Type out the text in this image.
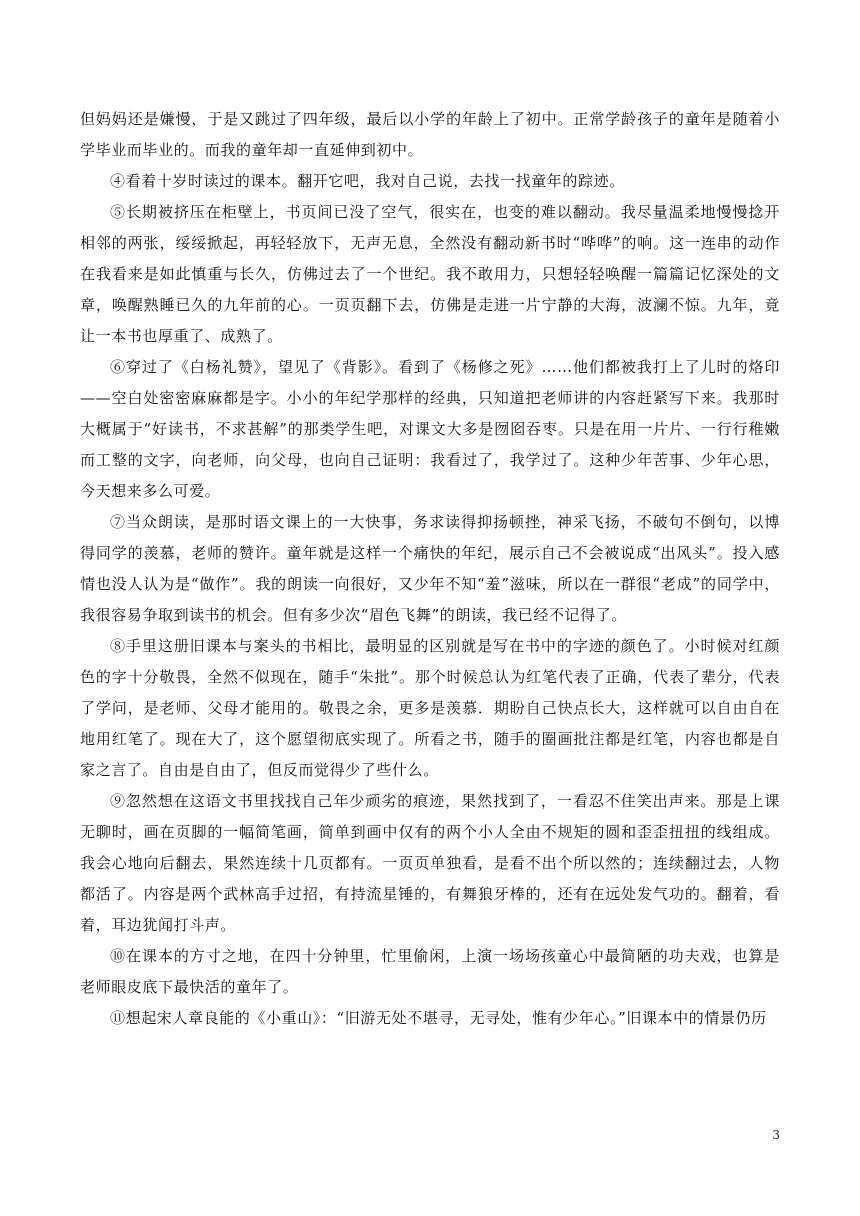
但妈妈还是嫌慢，于是又跳过了四年级，最后以小学的年龄上了初中。正常学龄孩子的童年是随着小学毕业而毕业的。而我的童年却一直延伸到初中。

④看着十岁时读过的课本。翻开它吧，我对自己说，去找一找童年的踪迹。

⑤长期被挤压在柜壁上，书页间已没了空气，很实在，也变的难以翻动。我尽量温柔地慢慢捻开相邻的两张，绥绥掀起，再轻轻放下，无声无息，全然没有翻动新书时“哗哗”的响。这一连串的动作在我看来是如此慎重与长久，仿佛过去了一个世纪。我不敢用力，只想轻轻唤醒一篇篇记忆深处的文章，唤醒熟睡已久的九年前的心。一页页翻下去，仿佛是走进一片宁静的大海，波澜不惊。九年，竟让一本书也厚重了、成熟了。

⑥穿过了《白杨礼赞》，望见了《背影》。看到了《杨修之死》……他们都被我打上了儿时的烙印——空白处密密麻麻都是字。小小的年纪学那样的经典，只知道把老师讲的内容赶紧写下来。我那时大概属于“好读书，不求甚解”的那类学生吧，对课文大多是囫囵吞枣。只是在用一片片、一行行稚嫩而工整的文字，向老师，向父母，也向自己证明：我看过了，我学过了。这种少年苦事、少年心思，今天想来多么可爱。

⑦当众朗读，是那时语文课上的一大快事，务求读得抑扬顿挫，神采飞扬，不破句不倒句，以博得同学的羡慕，老师的赞许。童年就是这样一个痛快的年纪，展示自己不会被说成“出风头”。投入感情也没人认为是“做作”。我的朗读一向很好，又少年不知“羞”滋味，所以在一群很“老成”的同学中，我很容易争取到读书的机会。但有多少次“眉色飞舞”的朗读，我已经不记得了。

⑧手里这册旧课本与案头的书相比，最明显的区别就是写在书中的字迹的颜色了。小时候对红颜色的字十分敬畏，全然不似现在，随手“朱批”。那个时候总认为红笔代表了正确，代表了辈分，代表了学问，是老师、父母才能用的。敬畏之余，更多是羡慕．期盼自己快点长大，这样就可以自由自在地用红笔了。现在大了，这个愿望彻底实现了。所看之书，随手的圈画批注都是红笔，内容也都是自家之言了。自由是自由了，但反而觉得少了些什么。

⑨忽然想在这语文书里找找自己年少顽劣的痕迹，果然找到了，一看忍不住笑出声来。那是上课无聊时，画在页脚的一幅简笔画，简单到画中仅有的两个小人全由不规矩的圆和歪歪扭扭的线组成。我会心地向后翻去，果然连续十几页都有。一页页单独看，是看不出个所以然的；连续翻过去，人物都活了。内容是两个武林高手过招，有持流星锤的，有舞狼牙棒的，还有在远处发气功的。翻着，看着，耳边犹闻打斗声。

⑩在课本的方寸之地，在四十分钟里，忙里偷闲，上演一场场孩童心中最简陋的功夫戏，也算是老师眼皮底下最快活的童年了。

⑪想起宋人章良能的《小重山》：“旧游无处不堪寻，无寻处，惟有少年心。”旧课本中的情景仍历

3
